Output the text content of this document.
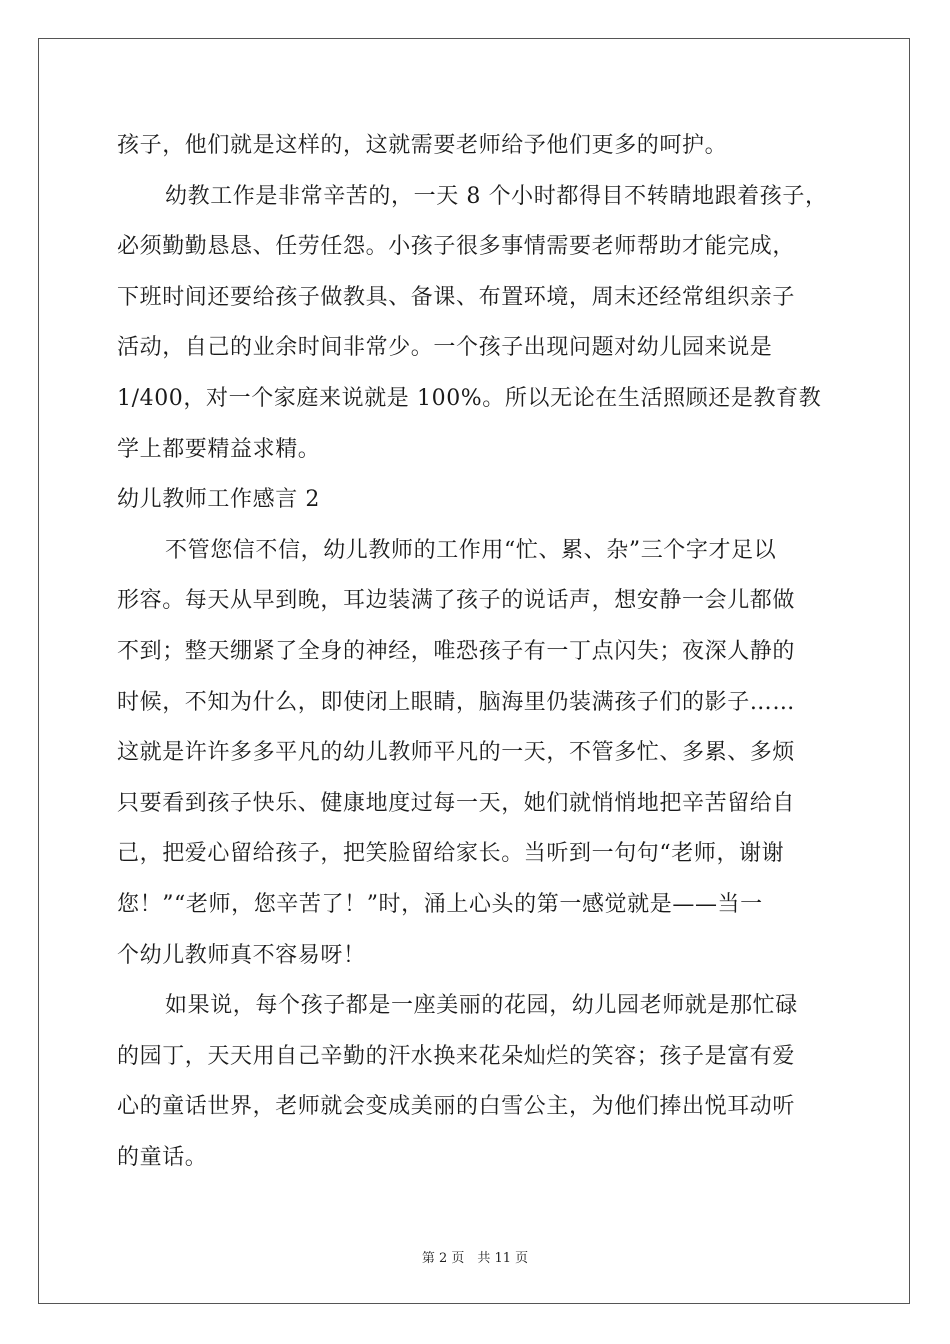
孩子，他们就是这样的，这就需要老师给予他们更多的呵护。
幼教工作是非常辛苦的，一天 8 个小时都得目不转睛地跟着孩子，
必须勤勤恳恳、任劳任怨。小孩子很多事情需要老师帮助才能完成，
下班时间还要给孩子做教具、备课、布置环境，周末还经常组织亲子
活动，自己的业余时间非常少。一个孩子出现问题对幼儿园来说是
1/400，对一个家庭来说就是 100%。所以无论在生活照顾还是教育教
学上都要精益求精。
幼儿教师工作感言 2
不管您信不信，幼儿教师的工作用“忙、累、杂”三个字才足以
形容。每天从早到晚，耳边装满了孩子的说话声，想安静一会儿都做
不到；整天绷紧了全身的神经，唯恐孩子有一丁点闪失；夜深人静的
时候，不知为什么，即使闭上眼睛，脑海里仍装满孩子们的影子……
这就是许许多多平凡的幼儿教师平凡的一天，不管多忙、多累、多烦
只要看到孩子快乐、健康地度过每一天，她们就悄悄地把辛苦留给自
己，把爱心留给孩子，把笑脸留给家长。当听到一句句“老师，谢谢
您！”“老师，您辛苦了！”时，涌上心头的第一感觉就是——当一
个幼儿教师真不容易呀！
如果说，每个孩子都是一座美丽的花园，幼儿园老师就是那忙碌
的园丁，天天用自己辛勤的汗水换来花朵灿烂的笑容；孩子是富有爱
心的童话世界，老师就会变成美丽的白雪公主，为他们捧出悦耳动听
的童话。
第 2 页　共 11 页
